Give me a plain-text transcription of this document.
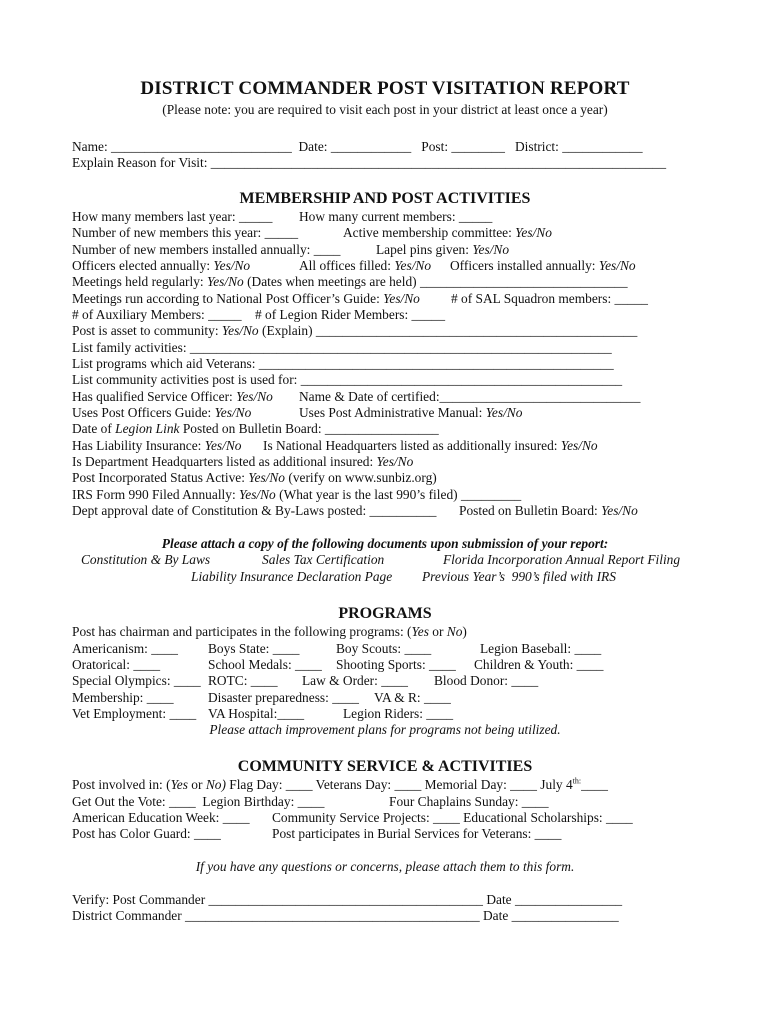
DISTRICT COMMANDER POST VISITATION REPORT
(Please note: you are required to visit each post in your district at least once a year)
Name: ___________________________  Date: ____________   Post: ________   District: ____________
Explain Reason for Visit: ____________________________________________________________________
MEMBERSHIP AND POST ACTIVITIES
How many members last year: _____ How many current members: _____
Number of new members this year: _____	Active membership committee: Yes/No
Number of new members installed annually: ____	Lapel pins given: Yes/No
Officers elected annually: Yes/No	All offices filled: Yes/No Officers installed annually: Yes/No
Meetings held regularly: Yes/No (Dates when meetings are held) _______________________________
Meetings run according to National Post Officer’s Guide: Yes/No # of SAL Squadron members: _____
# of Auxiliary Members: _____ # of Legion Rider Members: _____
Post is asset to community: Yes/No (Explain) ________________________________________________
List family activities: _______________________________________________________________
List programs which aid Veterans: _____________________________________________________
List community activities post is used for: ________________________________________________
Has qualified Service Officer: Yes/No Name & Date of certified:______________________________
Uses Post Officers Guide: Yes/No	Uses Post Administrative Manual: Yes/No
Date of Legion Link Posted on Bulletin Board: _________________
Has Liability Insurance: Yes/No Is National Headquarters listed as additionally insured: Yes/No
Is Department Headquarters listed as additional insured: Yes/No
Post Incorporated Status Active: Yes/No (verify on www.sunbiz.org)
IRS Form 990 Filed Annually: Yes/No (What year is the last 990’s filed) _________
Dept approval date of Constitution & By-Laws posted: __________ Posted on Bulletin Board: Yes/No
Please attach a copy of the following documents upon submission of your report:
Constitution & By Laws	Sales Tax Certification	Florida Incorporation Annual Report Filing
Liability Insurance Declaration Page Previous Year’s  990’s filed with IRS
PROGRAMS
Post has chairman and participates in the following programs: (Yes or No)
Americanism: ____ Boys State: ____	Boy Scouts: ____	Legion Baseball: ____
Oratorical: ____	School Medals: ____ Shooting Sports: ____ Children & Youth: ____
Special Olympics: ____ ROTC: ____ Law & Order: ____ Blood Donor: ____
Membership: ____	Disaster preparedness: ____ VA & R: ____
Vet Employment: ____ VA Hospital:____	Legion Riders: ____
Please attach improvement plans for programs not being utilized.
COMMUNITY SERVICE & ACTIVITIES
Post involved in: (Yes or No) Flag Day: ____ Veterans Day: ____ Memorial Day: ____ July $4^{th:}\_\_\_\_$
Get Out the Vote: ____  Legion Birthday: ____	Four Chaplains Sunday: ____
American Education Week: ____ Community Service Projects: ____ Educational Scholarships: ____
Post has Color Guard: ____	Post participates in Burial Services for Veterans: ____
If you have any questions or concerns, please attach them to this form.
Verify: Post Commander _________________________________________ Date ________________
District Commander ____________________________________________ Date ________________
